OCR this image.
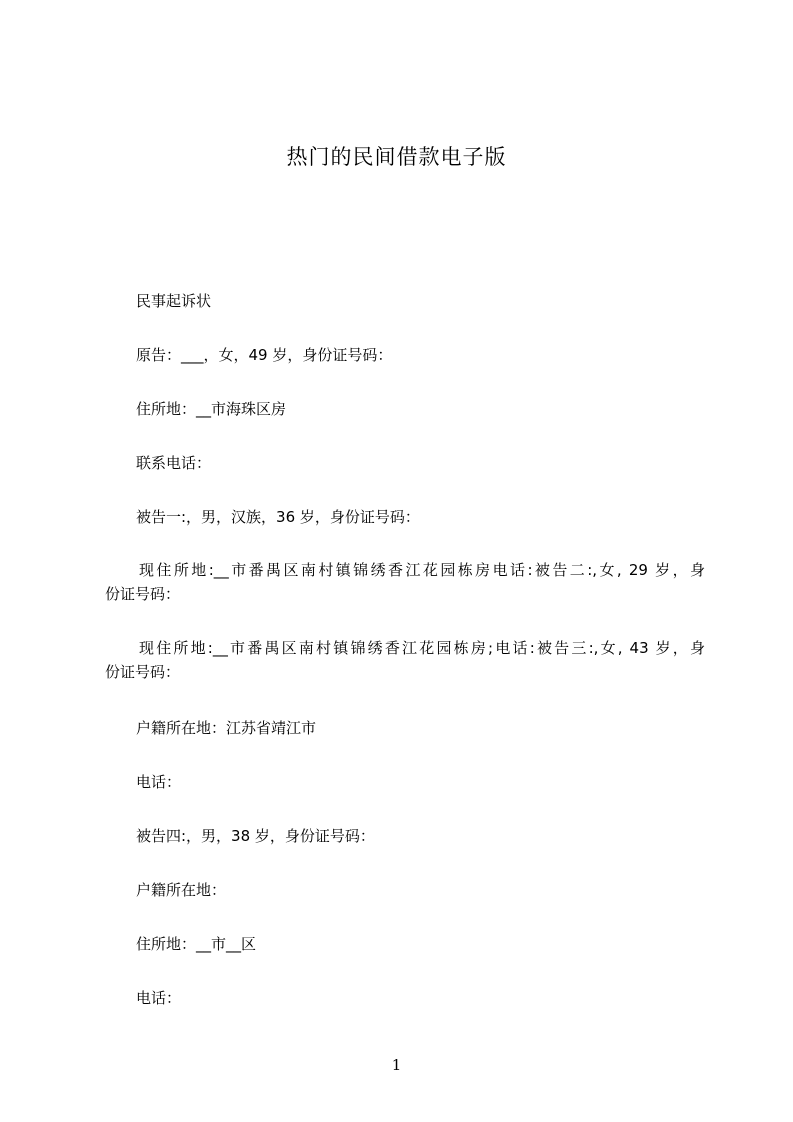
热门的民间借款电子版

民事起诉状

原告：___，女，49 岁，身份证号码：

住所地：__市海珠区房

联系电话：

被告一:，男，汉族，36 岁，身份证号码：

现住所地:__市番禺区南村镇锦绣香江花园栋房电话:被告二:,女, 29 岁，身
份证号码：
现住所地:__市番禺区南村镇锦绣香江花园栋房;电话:被告三:,女, 43 岁，身
份证号码：

户籍所在地：江苏省靖江市

电话：

被告四:，男，38 岁，身份证号码：

户籍所在地：

住所地：__市__区

电话：

1
